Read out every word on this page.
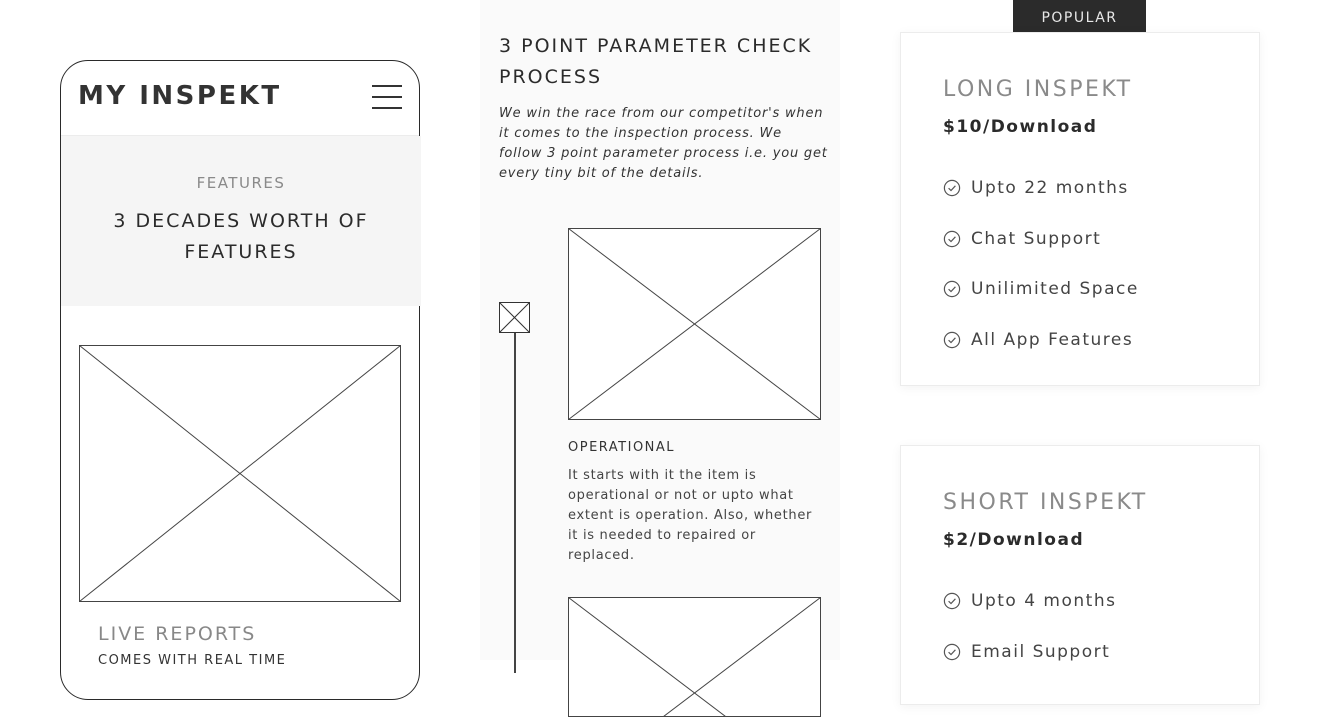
MY INSPEKT
FEATURES
3 DECADES WORTH OF FEATURES
LIVE REPORTS
COMES WITH REAL TIME
3 POINT PARAMETER CHECK PROCESS
We win the race from our competitor's when it comes to the inspection process. We follow 3 point parameter process i.e. you get every tiny bit of the details.
OPERATIONAL
It starts with it the item is operational or not or upto what extent is operation. Also, whether it is needed to repaired or replaced.
POPULAR
LONG INSPEKT
$10/Download
Upto 22 months
Chat Support
Unilimited Space
All App Features
SHORT INSPEKT
$2/Download
Upto 4 months
Email Support
